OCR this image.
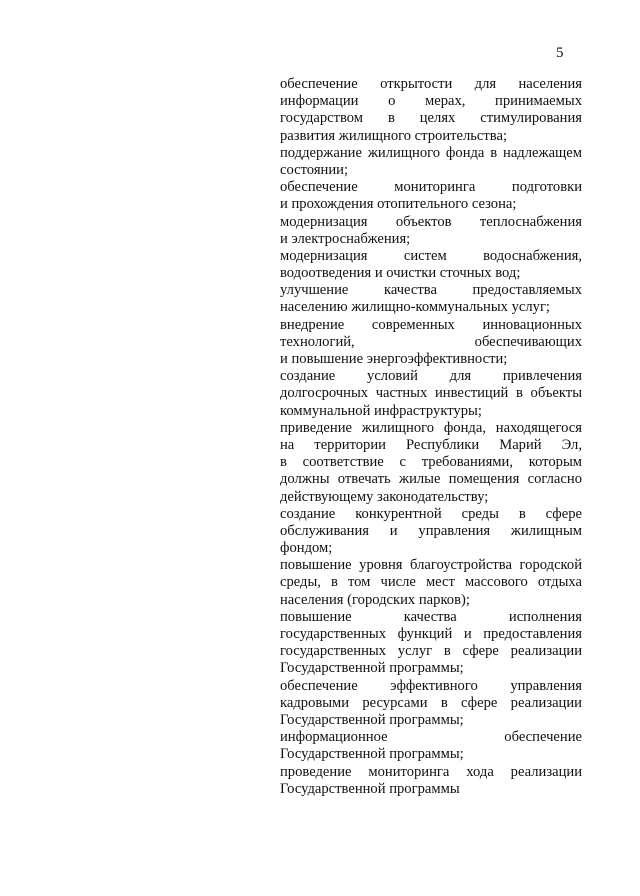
5
обеспечение открытости для населения
информации о мерах, принимаемых
государством в целях стимулирования
развития жилищного строительства;
поддержание жилищного фонда в надлежащем
состоянии;
обеспечение мониторинга подготовки
и прохождения отопительного сезона;
модернизация объектов теплоснабжения
и электроснабжения;
модернизация систем водоснабжения,
водоотведения и очистки сточных вод;
улучшение качества предоставляемых
населению жилищно-коммунальных услуг;
внедрение современных инновационных
технологий, обеспечивающих
и повышение энергоэффективности;
создание условий для привлечения
долгосрочных частных инвестиций в объекты
коммунальной инфраструктуры;
приведение жилищного фонда, находящегося
на территории Республики Марий Эл,
в соответствие с требованиями, которым
должны отвечать жилые помещения согласно
действующему законодательству;
создание конкурентной среды в сфере
обслуживания и управления жилищным
фондом;
повышение уровня благоустройства городской
среды, в том числе мест массового отдыха
населения (городских парков);
повышение качества исполнения
государственных функций и предоставления
государственных услуг в сфере реализации
Государственной программы;
обеспечение эффективного управления
кадровыми ресурсами в сфере реализации
Государственной программы;
информационное обеспечение
Государственной программы;
проведение мониторинга хода реализации
Государственной программы
